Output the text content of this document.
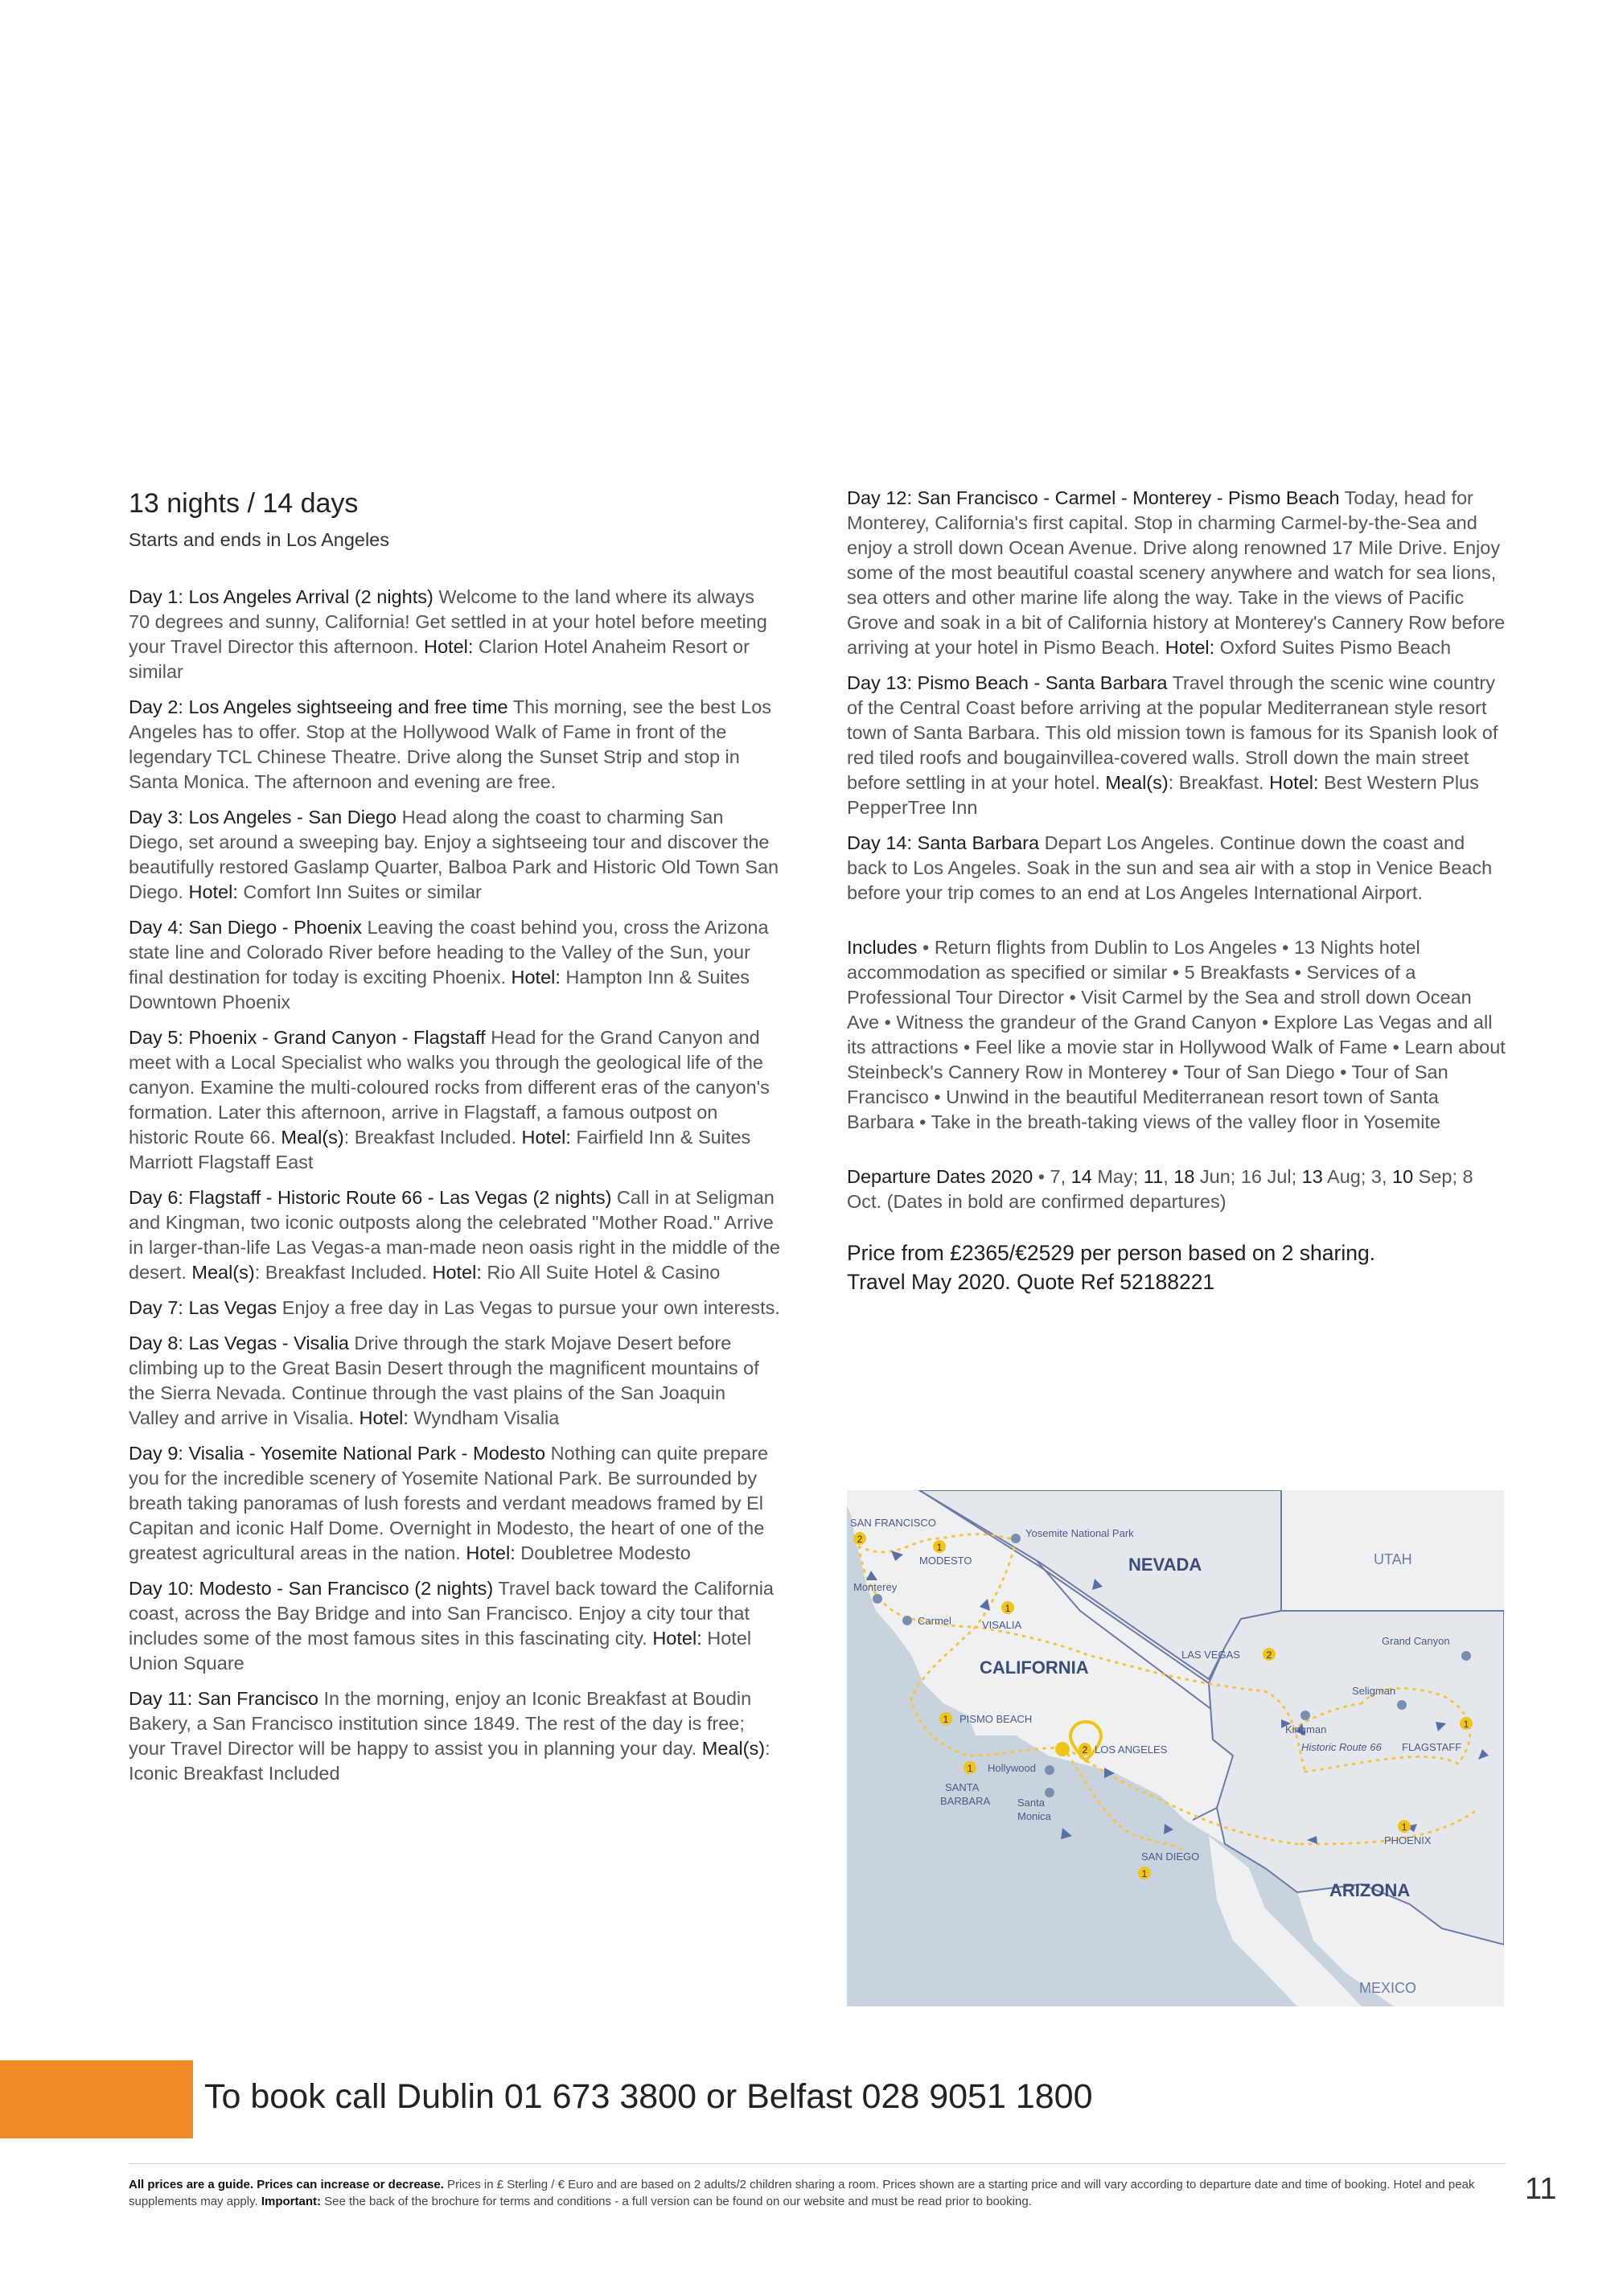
13 nights / 14 days
Starts and ends in Los Angeles

Day 1: Los Angeles Arrival (2 nights) Welcome to the land where its always 70 degrees and sunny, California! Get settled in at your hotel before meeting your Travel Director this afternoon. Hotel: Clarion Hotel Anaheim Resort or similar

Day 2: Los Angeles sightseeing and free time This morning, see the best Los Angeles has to offer. Stop at the Hollywood Walk of Fame in front of the legendary TCL Chinese Theatre. Drive along the Sunset Strip and stop in Santa Monica. The afternoon and evening are free.

Day 3: Los Angeles - San Diego Head along the coast to charming San Diego, set around a sweeping bay. Enjoy a sightseeing tour and discover the beautifully restored Gaslamp Quarter, Balboa Park and Historic Old Town San Diego. Hotel: Comfort Inn Suites or similar

Day 4: San Diego - Phoenix Leaving the coast behind you, cross the Arizona state line and Colorado River before heading to the Valley of the Sun, your final destination for today is exciting Phoenix. Hotel: Hampton Inn & Suites Downtown Phoenix

Day 5: Phoenix - Grand Canyon - Flagstaff Head for the Grand Canyon and meet with a Local Specialist who walks you through the geological life of the canyon. Examine the multi-coloured rocks from different eras of the canyon's formation. Later this afternoon, arrive in Flagstaff, a famous outpost on historic Route 66. Meal(s): Breakfast Included. Hotel: Fairfield Inn & Suites Marriott Flagstaff East

Day 6: Flagstaff - Historic Route 66 - Las Vegas (2 nights) Call in at Seligman and Kingman, two iconic outposts along the celebrated "Mother Road." Arrive in larger-than-life Las Vegas-a man-made neon oasis right in the middle of the desert. Meal(s): Breakfast Included. Hotel: Rio All Suite Hotel & Casino

Day 7: Las Vegas Enjoy a free day in Las Vegas to pursue your own interests.

Day 8: Las Vegas - Visalia Drive through the stark Mojave Desert before climbing up to the Great Basin Desert through the magnificent mountains of the Sierra Nevada. Continue through the vast plains of the San Joaquin Valley and arrive in Visalia. Hotel: Wyndham Visalia

Day 9: Visalia - Yosemite National Park - Modesto Nothing can quite prepare you for the incredible scenery of Yosemite National Park. Be surrounded by breath taking panoramas of lush forests and verdant meadows framed by El Capitan and iconic Half Dome. Overnight in Modesto, the heart of one of the greatest agricultural areas in the nation. Hotel: Doubletree Modesto

Day 10: Modesto - San Francisco (2 nights) Travel back toward the California coast, across the Bay Bridge and into San Francisco. Enjoy a city tour that includes some of the most famous sites in this fascinating city. Hotel: Hotel Union Square

Day 11: San Francisco In the morning, enjoy an Iconic Breakfast at Boudin Bakery, a San Francisco institution since 1849. The rest of the day is free; your Travel Director will be happy to assist you in planning your day. Meal(s): Iconic Breakfast Included

Day 12: San Francisco - Carmel - Monterey - Pismo Beach Today, head for Monterey, California's first capital. Stop in charming Carmel-by-the-Sea and enjoy a stroll down Ocean Avenue. Drive along renowned 17 Mile Drive. Enjoy some of the most beautiful coastal scenery anywhere and watch for sea lions, sea otters and other marine life along the way. Take in the views of Pacific Grove and soak in a bit of California history at Monterey's Cannery Row before arriving at your hotel in Pismo Beach. Hotel: Oxford Suites Pismo Beach

Day 13: Pismo Beach - Santa Barbara Travel through the scenic wine country of the Central Coast before arriving at the popular Mediterranean style resort town of Santa Barbara. This old mission town is famous for its Spanish look of red tiled roofs and bougainvillea-covered walls. Stroll down the main street before settling in at your hotel. Meal(s): Breakfast. Hotel: Best Western Plus PepperTree Inn

Day 14: Santa Barbara Depart Los Angeles. Continue down the coast and back to Los Angeles. Soak in the sun and sea air with a stop in Venice Beach before your trip comes to an end at Los Angeles International Airport.

Includes • Return flights from Dublin to Los Angeles • 13 Nights hotel accommodation as specified or similar • 5 Breakfasts • Services of a Professional Tour Director • Visit Carmel by the Sea and stroll down Ocean Ave • Witness the grandeur of the Grand Canyon • Explore Las Vegas and all its attractions • Feel like a movie star in Hollywood Walk of Fame • Learn about Steinbeck's Cannery Row in Monterey • Tour of San Diego • Tour of San Francisco • Unwind in the beautiful Mediterranean resort town of Santa Barbara • Take in the breath-taking views of the valley floor in Yosemite

Departure Dates 2020 • 7, 14 May; 11, 18 Jun; 16 Jul; 13 Aug; 3, 10 Sep; 8 Oct. (Dates in bold are confirmed departures)

Price from £2365/€2529 per person based on 2 sharing.
Travel May 2020. Quote Ref 52188221
2
1
1
2
1
1
2
1
1
1
NEVADA
CALIFORNIA
ARIZONA
UTAH
MEXICO
SAN FRANCISCO
Yosemite National Park
MODESTO
Monterey
Carmel	VISALIA
LAS VEGAS
Grand Canyon
Seligman
Kingman
Historic Route 66 FLAGSTAFF
PISMO BEACH
LOS ANGELES
Hollywood
SANTA
BARBARA	Santa
Monica
SAN DIEGO
PHOENIX
To book call Dublin 01 673 3800 or Belfast 028 9051 1800
All prices are a guide. Prices can increase or decrease. Prices in £ Sterling / € Euro and are based on 2 adults/2 children sharing a room. Prices shown are a starting price and will vary according to departure date and time of booking. Hotel and peak supplements may apply. Important: See the back of the brochure for terms and conditions - a full version can be found on our website and must be read prior to booking.	11
